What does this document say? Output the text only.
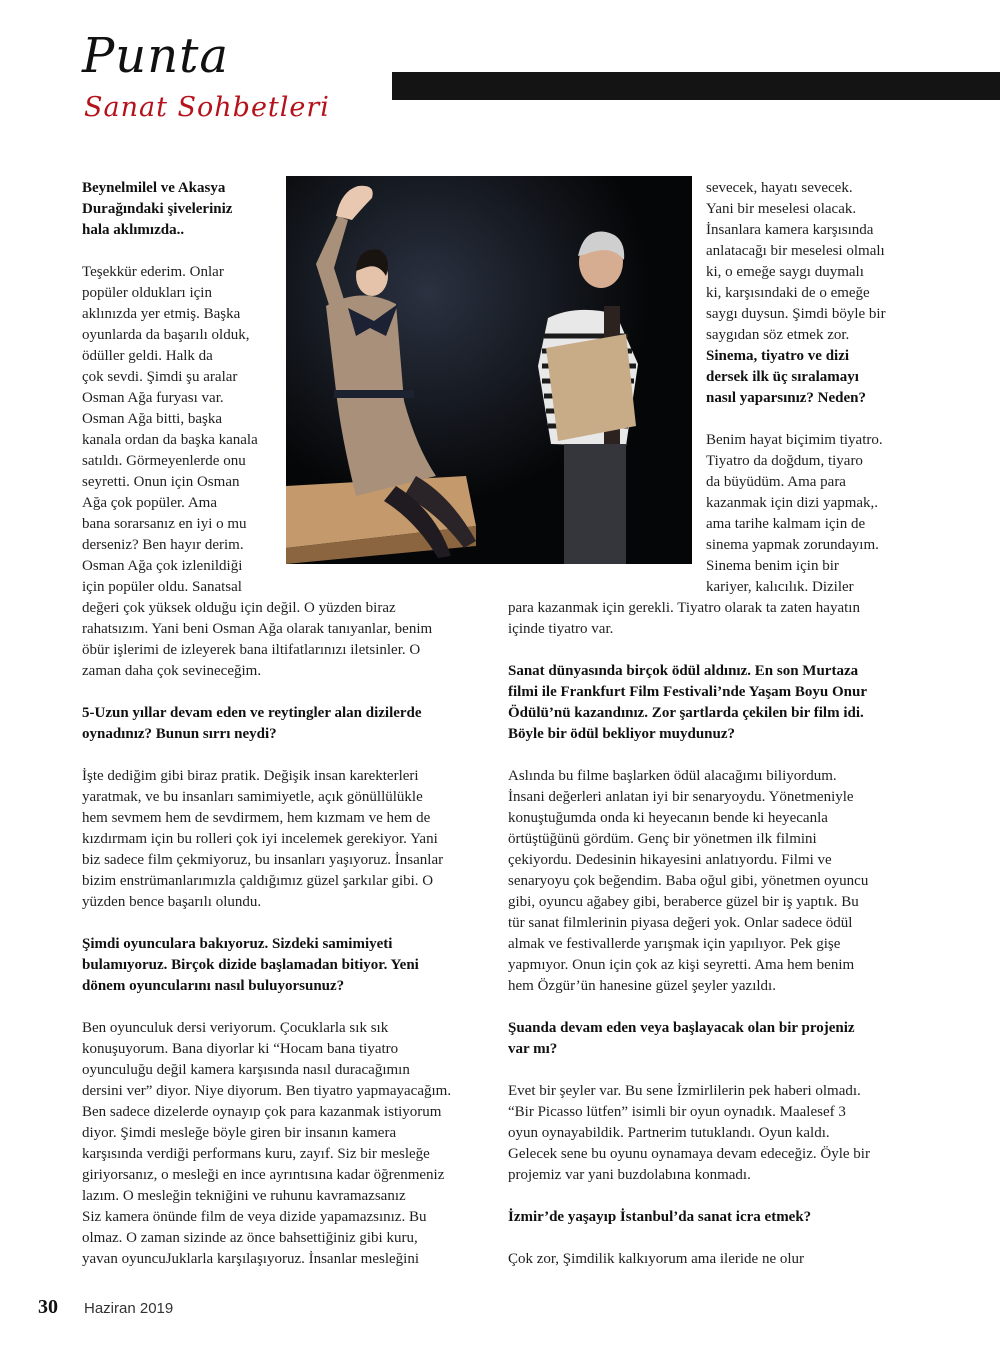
Punta
Sanat Sohbetleri

Beynelmilel ve Akasya

Durağındaki şiveleriniz

hala aklımızda..

Teşekkür ederim. Onlar

popüler oldukları için

aklınızda yer etmiş. Başka

oyunlarda da başarılı olduk,

ödüller geldi. Halk da

çok sevdi. Şimdi şu aralar

Osman Ağa furyası var.

Osman Ağa bitti, başka

kanala ordan da başka kanala

satıldı. Görmeyenlerde onu

seyretti. Onun için Osman

Ağa çok popüler. Ama

bana sorarsanız en iyi o mu

derseniz? Ben hayır derim.

Osman Ağa çok izlenildiği

için popüler oldu. Sanatsal

değeri çok yüksek olduğu için değil. O yüzden biraz

rahatsızım. Yani beni Osman Ağa olarak tanıyanlar, benim

öbür işlerimi de izleyerek bana iltifatlarınızı iletsinler. O

zaman daha çok sevineceğim.

5-Uzun yıllar devam eden ve reytingler alan dizilerde

oynadınız? Bunun sırrı neydi?

İşte dediğim gibi biraz pratik. Değişik insan karekterleri

yaratmak, ve bu insanları samimiyetle, açık gönüllülükle

hem sevmem hem de sevdirmem, hem kızmam ve hem de

kızdırmam için bu rolleri çok iyi incelemek gerekiyor. Yani

biz sadece film çekmiyoruz, bu insanları yaşıyoruz. İnsanlar

bizim enstrümanlarımızla çaldığımız güzel şarkılar gibi. O

yüzden bence başarılı olundu.

Şimdi oyunculara bakıyoruz. Sizdeki samimiyeti

bulamıyoruz. Birçok dizide başlamadan bitiyor. Yeni

dönem oyuncularını nasıl buluyorsunuz?

Ben oyunculuk dersi veriyorum. Çocuklarla sık sık

konuşuyorum. Bana diyorlar ki “Hocam bana tiyatro

oyunculuğu değil kamera karşısında nasıl duracağımın

dersini ver” diyor. Niye diyorum. Ben tiyatro yapmayacağım.

Ben sadece dizelerde oynayıp çok para kazanmak istiyorum

diyor. Şimdi mesleğe böyle giren bir insanın kamera

karşısında verdiği performans kuru, zayıf. Siz bir mesleğe

giriyorsanız, o mesleği en ince ayrıntısına kadar öğrenmeniz

lazım. O mesleğin tekniğini ve ruhunu kavramazsanız

Siz kamera önünde film de veya dizide yapamazsınız. Bu

olmaz. O zaman sizinde az önce bahsettiğiniz gibi kuru,

yavan oyuncuJuklarla karşılaşıyoruz. İnsanlar mesleğini

sevecek, hayatı sevecek.

Yani bir meselesi olacak.

İnsanlara kamera karşısında

anlatacağı bir meselesi olmalı

ki, o emeğe saygı duymalı

ki, karşısındaki de o emeğe

saygı duysun. Şimdi böyle bir

saygıdan söz etmek zor.

Sinema, tiyatro ve dizi

dersek ilk üç sıralamayı

nasıl yaparsınız? Neden?

Benim hayat biçimim tiyatro.

Tiyatro da doğdum, tiyaro

da büyüdüm. Ama para

kazanmak için dizi yapmak,.

ama tarihe kalmam için de

sinema yapmak zorundayım.

Sinema benim için bir

kariyer, kalıcılık. Diziler

para kazanmak için gerekli. Tiyatro olarak ta zaten hayatın

içinde tiyatro var.

Sanat dünyasında birçok ödül aldınız. En son Murtaza

filmi ile Frankfurt Film Festivali’nde Yaşam Boyu Onur

Ödülü’nü kazandınız. Zor şartlarda çekilen bir film idi.

Böyle bir ödül bekliyor muydunuz?

Aslında bu filme başlarken ödül alacağımı biliyordum.

İnsani değerleri anlatan iyi bir senaryoydu. Yönetmeniyle

konuştuğumda onda ki heyecanın bende ki heyecanla

örtüştüğünü gördüm. Genç bir yönetmen ilk filmini

çekiyordu. Dedesinin hikayesini anlatıyordu. Filmi ve

senaryoyu çok beğendim. Baba oğul gibi, yönetmen oyuncu

gibi, oyuncu ağabey gibi, beraberce güzel bir iş yaptık. Bu

tür sanat filmlerinin piyasa değeri yok. Onlar sadece ödül

almak ve festivallerde yarışmak için yapılıyor. Pek gişe

yapmıyor. Onun için çok az kişi seyretti. Ama hem benim

hem Özgür’ün hanesine güzel şeyler yazıldı.

Şuanda devam eden veya başlayacak olan bir projeniz

var mı?

Evet bir şeyler var. Bu sene İzmirlilerin pek haberi olmadı.

“Bir Picasso lütfen” isimli bir oyun oynadık. Maalesef 3

oyun oynayabildik. Partnerim tutuklandı. Oyun kaldı.

Gelecek sene bu oyunu oynamaya devam edeceğiz. Öyle bir

projemiz var yani buzdolabına konmadı.

İzmir’de yaşayıp İstanbul’da sanat icra etmek?

Çok zor, Şimdilik kalkıyorum ama ileride ne olur

30 Haziran 2019
